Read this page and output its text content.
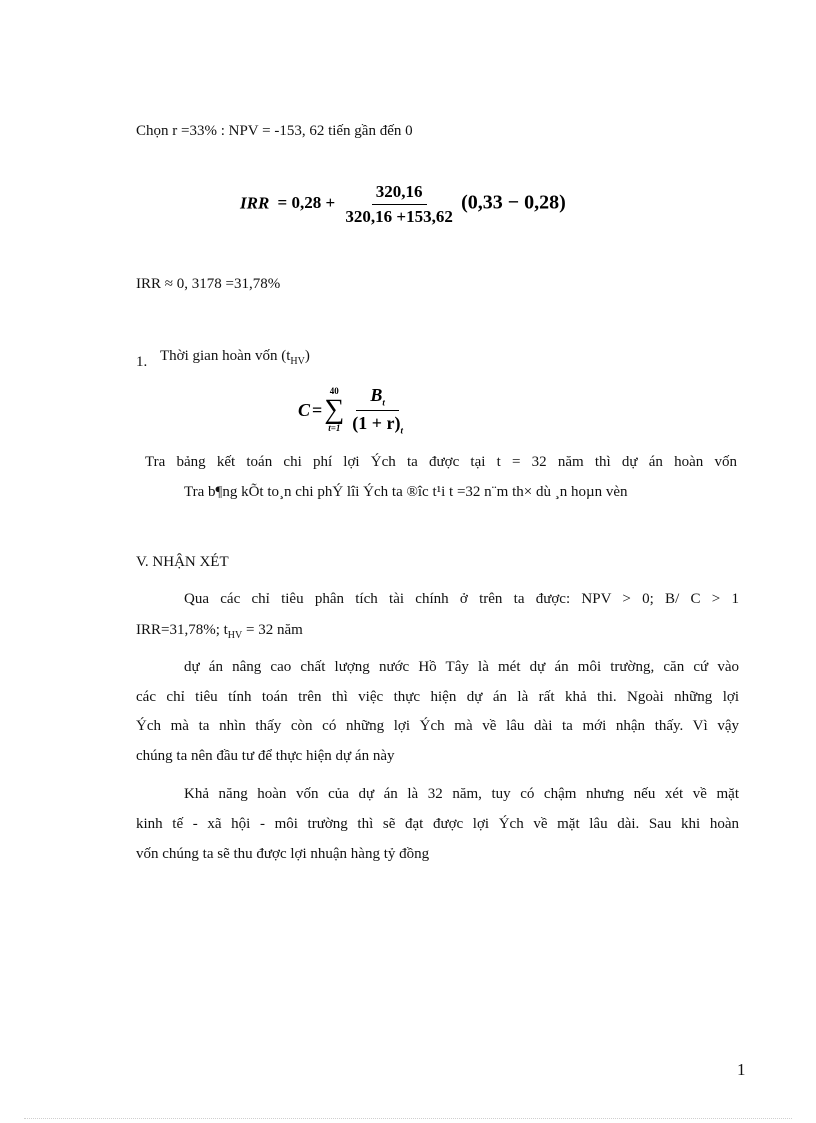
Chọn r =33% : NPV = -153, 62 tiến gần đến 0
IRR = $0,28 + \frac{320,16}{320,16 +153,62} (0,33 - 0,28)$
IRR ≈ 0, 3178 =31,78%
1. Thời gian hoàn vốn $(t_{HV})$
C =
40
∑
$t=1 \frac{B_t}{(1 + r)_t}$
Tra bảng kết toán chi phí lợi Ých ta được tại t = 32 năm thì dự án hoàn vốn
Tra b¶ng kÕt to¸n chi phÝ lîi Ých ta ®îc t¹i t =32 n¨m th× dù ¸n hoµn vèn
V. NHẬN XÉT
Qua các chỉ tiêu phân tích tài chính ở trên ta được: NPV > 0; B/ C > 1
IRR=31,78%; $t_{HV} = 32$ năm
dự án nâng cao chất lượng nước Hồ Tây là mét dự án môi trường, căn cứ vào
các chỉ tiêu tính toán trên thì việc thực hiện dự án là rất khả thi. Ngoài những lợi
Ých mà ta nhìn thấy còn có những lợi Ých mà về lâu dài ta mới nhận thấy. Vì vậy
chúng ta nên đầu tư để thực hiện dự án này
Khả năng hoàn vốn của dự án là 32 năm, tuy có chậm nhưng nếu xét về mặt
kinh tế - xã hội - môi trường thì sẽ đạt được lợi Ých về mặt lâu dài. Sau khi hoàn
vốn chúng ta sẽ thu được lợi nhuận hàng tỷ đồng
1
